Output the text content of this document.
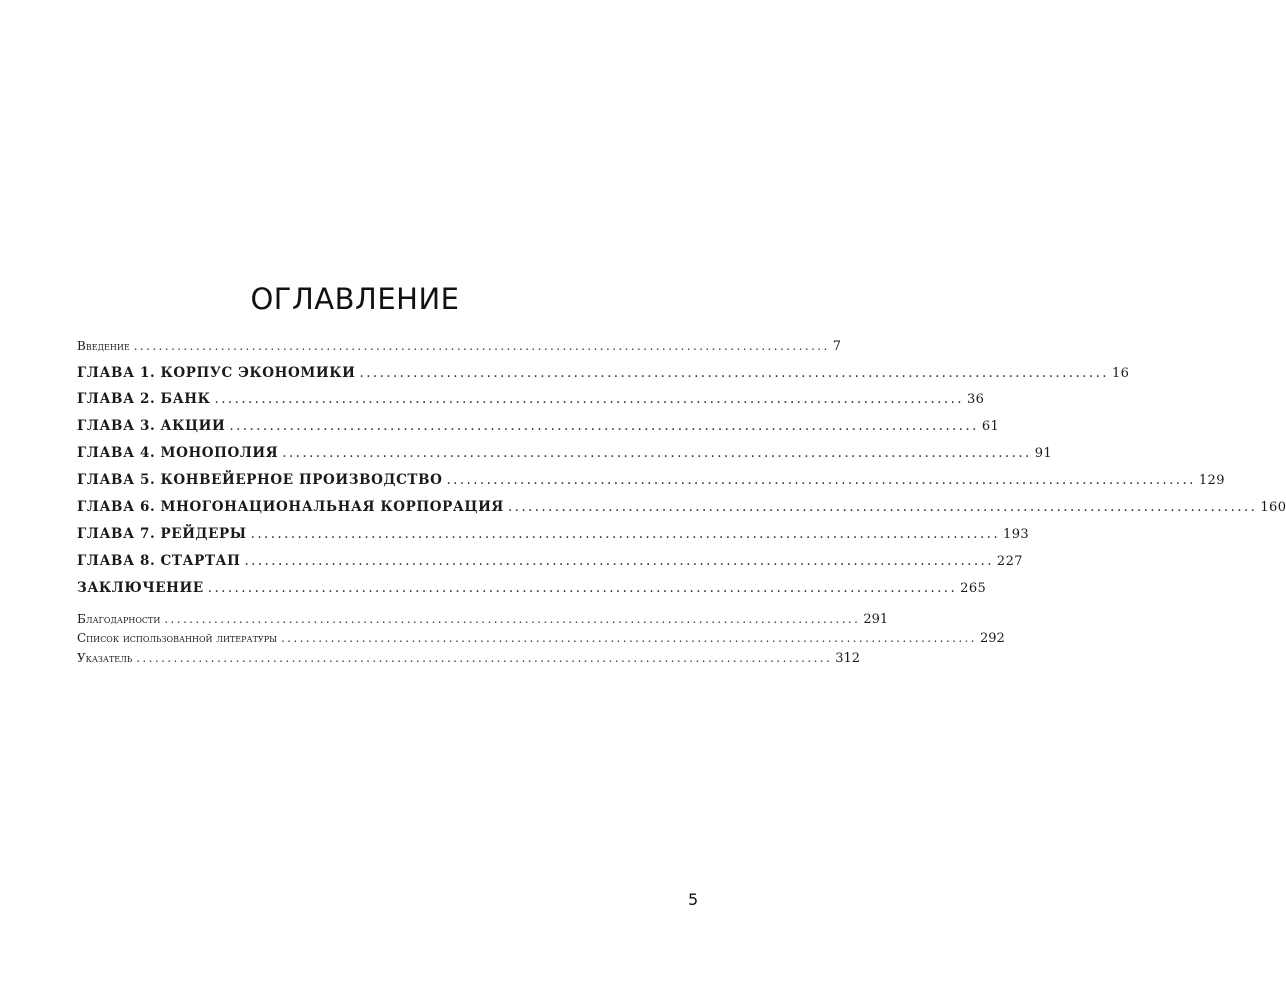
ОГЛАВЛЕНИЕ
Введение ................................................................................................................ 7
ГЛАВА 1. КОРПУС ЭКОНОМИКИ ................................................................................................................ 16
ГЛАВА 2. БАНК ................................................................................................................ 36
ГЛАВА 3. АКЦИИ ................................................................................................................ 61
ГЛАВА 4. МОНОПОЛИЯ ................................................................................................................ 91
ГЛАВА 5. КОНВЕЙЕРНОЕ ПРОИЗВОДСТВО ................................................................................................................ 129
ГЛАВА 6. МНОГОНАЦИОНАЛЬНАЯ КОРПОРАЦИЯ ................................................................................................................ 160
ГЛАВА 7. РЕЙДЕРЫ ................................................................................................................ 193
ГЛАВА 8. СТАРТАП ................................................................................................................ 227
ЗАКЛЮЧЕНИЕ ................................................................................................................ 265
Благодарности ................................................................................................................ 291
Список использованной литературы ................................................................................................................ 292
Указатель ................................................................................................................ 312
5
